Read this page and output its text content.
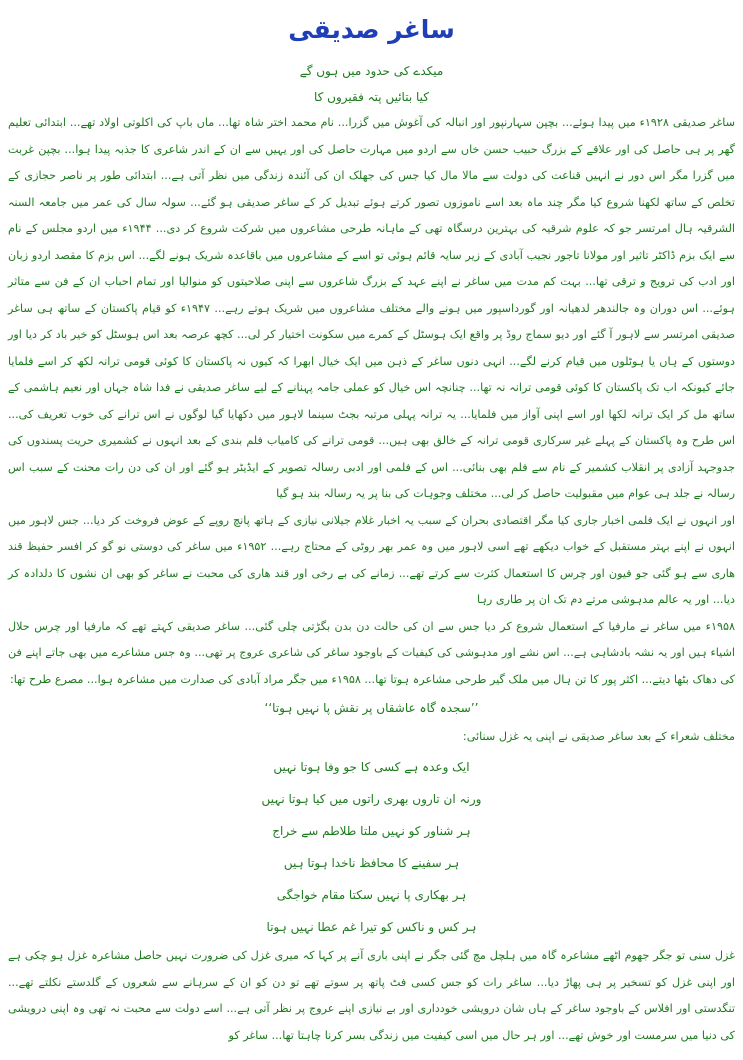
ساغر صدیقی

میکدے کی حدود میں ہوں گے

کیا بتائیں پتہ فقیروں کا

ساغر صدیقی ۱۹۲۸ء میں پیدا ہوئے... بچپن سہارنپور اور انبالہ کی آغوش میں گزرا... نام محمد اختر شاہ تھا... ماں باپ کی اکلوتی اولاد تھے... ابتدائی تعلیم گھر پر ہی حاصل کی اور علاقے کے بزرگ حبیب حسن خاں سے اردو میں مہارت حاصل کی اور یہیں سے ان کے اندر شاعری کا جذبہ پیدا ہوا... بچپن غربت میں گزرا مگر اس دور نے انہیں قناعت کی دولت سے مالا مال کیا جس کی جھلک ان کی آئندہ زندگی میں نظر آتی ہے... ابتدائی طور پر ناصر حجازی کے تخلص کے ساتھ لکھنا شروع کیا مگر چند ماہ بعد اسے ناموزوں تصور کرتے ہوئے تبدیل کر کے ساغر صدیقی ہو گئے... سولہ سال کی عمر میں جامعہ السنہ الشرقیہ ہال امرتسر جو کہ علوم شرقیہ کی بہترین درسگاہ تھی کے ماہانہ طرحی مشاعروں میں شرکت شروع کر دی... ۱۹۴۴ء میں اردو مجلس کے نام سے ایک بزم ڈاکٹر تاثیر اور مولانا تاجور نجیب آبادی کے زیر سایہ قائم ہوئی تو اسے کے مشاعروں میں باقاعدہ شریک ہونے لگے... اس بزم کا مقصد اردو زبان اور ادب کی ترویج و ترقی تھا... بہت کم مدت میں ساغر نے اپنے عہد کے بزرگ شاعروں سے اپنی صلاحیتوں کو منوالیا اور تمام احباب ان کے فن سے متاثر ہوئے... اس دوران وہ جالندھر لدھیانہ اور گورداسپور میں ہونے والے مختلف مشاعروں میں شریک ہوتے رہے... ۱۹۴۷ء کو قیام پاکستان کے ساتھ ہی ساغر صدیقی امرتسر سے لاہور آ گئے اور دیو سماج روڈ پر واقع ایک ہوسٹل کے کمرے میں سکونت اختیار کر لی... کچھ عرصہ بعد اس ہوسٹل کو خیر باد کر دیا اور دوستوں کے ہاں یا ہوٹلوں میں قیام کرنے لگے... انہی دنوں ساغر کے ذہن میں ایک خیال ابھرا کہ کیوں نہ پاکستان کا کوئی قومی ترانہ لکھ کر اسے فلمایا جائے کیونکہ اب تک پاکستان کا کوئی قومی ترانہ نہ تھا... چنانچہ اس خیال کو عملی جامہ پہنانے کے لیے ساغر صدیقی نے فدا شاہ جہاں اور نعیم ہاشمی کے ساتھ مل کر ایک ترانہ لکھا اور اسے اپنی آواز میں فلمایا... یہ ترانہ پہلی مرتبہ بجٹ سینما لاہور میں دکھایا گیا لوگوں نے اس ترانے کی خوب تعریف کی... اس طرح وہ پاکستان کے پہلے غیر سرکاری قومی ترانہ کے خالق بھی ہیں... قومی ترانے کی کامیاب فلم بندی کے بعد انہوں نے کشمیری حریت پسندوں کی جدوجہد آزادی پر انقلاب کشمیر کے نام سے فلم بھی بنائی... اس کے فلمی اور ادبی رسالہ تصویر کے ایڈیٹر ہو گئے اور ان کی دن رات محنت کے سبب اس رسالہ نے جلد ہی عوام میں مقبولیت حاصل کر لی... مختلف وجوہات کی بنا پر یہ رسالہ بند ہو گیا

اور انہوں نے ایک فلمی اخبار جاری کیا مگر اقتصادی بحران کے سبب یہ اخبار غلام جیلانی نیازی کے ہاتھ پانچ روپے کے عوض فروخت کر دیا... جس لاہور میں انہوں نے اپنے بہتر مستقبل کے خواب دیکھے تھے اسی لاہور میں وہ عمر بھر روٹی کے محتاج رہے... ۱۹۵۲ء میں ساغر کی دوستی نو گو کر افسر حفیظ قند ھاری سے ہو گئی جو فیون اور چرس کا استعمال کثرت سے کرتے تھے... زمانے کی بے رخی اور قند ھاری کی محبت نے ساغر کو بھی ان نشوں کا دلدادہ کر دیا... اور یہ عالم مدہوشی مرتے دم تک ان پر طاری رہا

۱۹۵۸ء میں ساغر نے مارفیا کے استعمال شروع کر دیا جس سے ان کی حالت دن بدن بگڑتی چلی گئی... ساغر صدیقی کہتے تھے کہ مارفیا اور چرس حلال اشیاء ہیں اور یہ نشہ بادشاہی ہے... اس نشے اور مدہوشی کی کیفیات کے باوجود ساغر کی شاعری عروج پر تھی... وہ جس مشاعرے میں بھی جاتے اپنے فن کی دھاک بٹھا دیتے... اکثر پور کا تن ہال میں ملک گیر طرحی مشاعرہ ہوتا تھا... ۱۹۵۸ء میں جگر مراد آبادی کی صدارت میں مشاعرہ ہوا... مصرع طرح تھا:

’’سجدہ گاہ عاشقاں پر نقش پا نہیں ہوتا‘‘

مختلف شعراء کے بعد ساغر صدیقی نے اپنی یہ غزل سنائی:

ایک وعدہ ہے کسی کا جو وفا ہوتا نہیں
ورنہ ان تاروں بھری راتوں میں کیا ہوتا نہیں
ہر شناور کو نہیں ملتا طلاطم سے خراج
ہر سفینے کا محافظ ناخدا ہوتا ہیں
ہر بھکاری پا نہیں سکتا مقام خواجگی
ہر کس و ناکس کو تیرا غم عطا نہیں ہوتا

غزل سنی تو جگر جھوم اٹھے مشاعرہ گاہ میں ہلچل مچ گئی جگر نے اپنی باری آنے پر کہا کہ میری غزل کی ضرورت نہیں حاصل مشاعرہ غزل ہو چکی ہے اور اپنی غزل کو تسخیر پر ہی پھاڑ دیا... ساغر رات کو جس کسی فٹ پاتھ پر سوتے تھے تو دن کو ان کے سرہانے سے شعروں کے گلدستے نکلتے تھے... تنگدستی اور افلاس کے باوجود ساغر کے ہاں شان درویشی خودداری اور بے نیازی اپنے عروج پر نظر آتی ہے... اسے دولت سے محبت نہ تھی وہ اپنی درویشی کی دنیا میں سرمست اور خوش تھے... اور ہر حال میں اسی کیفیت میں زندگی بسر کرنا چاہتا تھا... ساغر کو
